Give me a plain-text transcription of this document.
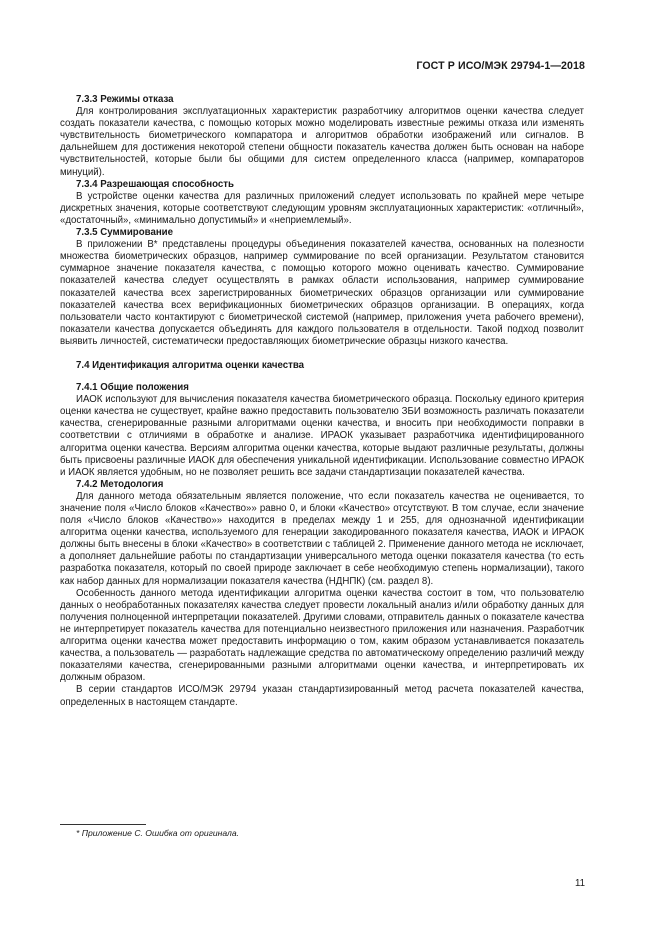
ГОСТ Р ИСО/МЭК 29794-1—2018
7.3.3 Режимы отказа

Для контролирования эксплуатационных характеристик разработчику алгоритмов оценки качества следует создать показатели качества, с помощью которых можно моделировать известные режимы отказа или изменять чувствительность биометрического компаратора и алгоритмов обработки изображений или сигналов. В дальнейшем для достижения некоторой степени общности показатель качества должен быть основан на наборе чувствительностей, которые были бы общими для систем определенного класса (например, компараторов минуций).

7.3.4 Разрешающая способность

В устройстве оценки качества для различных приложений следует использовать по крайней мере четыре дискретных значения, которые соответствуют следующим уровням эксплуатационных характеристик: «отличный», «достаточный», «минимально допустимый» и «неприемлемый».

7.3.5 Суммирование

В приложении В* представлены процедуры объединения показателей качества, основанных на полезности множества биометрических образцов, например суммирование по всей организации. Результатом становится суммарное значение показателя качества, с помощью которого можно оценивать качество. Суммирование показателей качества следует осуществлять в рамках области использования, например суммирование показателей качества всех зарегистрированных биометрических образцов организации или суммирование показателей качества всех верификационных биометрических образцов организации. В операциях, когда пользователи часто контактируют с биометрической системой (например, приложения учета рабочего времени), показатели качества допускается объединять для каждого пользователя в отдельности. Такой подход позволит выявить личностей, систематически предоставляющих биометрические образцы низкого качества.

7.4 Идентификация алгоритма оценки качества
7.4.1 Общие положения

ИАОК используют для вычисления показателя качества биометрического образца. Поскольку единого критерия оценки качества не существует, крайне важно предоставить пользователю ЗБИ возможность различать показатели качества, сгенерированные разными алгоритмами оценки качества, и вносить при необходимости поправки в соответствии с отличиями в обработке и анализе. ИРАОК указывает разработчика идентифицированного алгоритма оценки качества. Версиям алгоритма оценки качества, которые выдают различные результаты, должны быть присвоены различные ИАОК для обеспечения уникальной идентификации. Использование совместно ИРАОК и ИАОК является удобным, но не позволяет решить все задачи стандартизации показателей качества.

7.4.2 Методология

Для данного метода обязательным является положение, что если показатель качества не оценивается, то значение поля «Число блоков «Качество»» равно 0, и блоки «Качество» отсутствуют. В том случае, если значение поля «Число блоков «Качество»» находится в пределах между 1 и 255, для однозначной идентификации алгоритма оценки качества, используемого для генерации закодированного показателя качества, ИАОК и ИРАОК должны быть внесены в блоки «Качество» в соответствии с таблицей 2. Применение данного метода не исключает, а дополняет дальнейшие работы по стандартизации универсального метода оценки показателя качества (то есть разработка показателя, который по своей природе заключает в себе необходимую степень нормализации), такого как набор данных для нормализации показателя качества (НДНПК) (см. раздел 8).

Особенность данного метода идентификации алгоритма оценки качества состоит в том, что пользователю данных о необработанных показателях качества следует провести локальный анализ и/или обработку данных для получения полноценной интерпретации показателей. Другими словами, отправитель данных о показателе качества не интерпретирует показатель качества для потенциально неизвестного приложения или назначения. Разработчик алгоритма оценки качества может предоставить информацию о том, каким образом устанавливается показатель качества, а пользователь — разработать надлежащие средства по автоматическому определению различий между показателями качества, сгенерированными разными алгоритмами оценки качества, и интерпретировать их должным образом.

В серии стандартов ИСО/МЭК 29794 указан стандартизированный метод расчета показателей качества, определенных в настоящем стандарте.

* Приложение С. Ошибка от оригинала.
11
